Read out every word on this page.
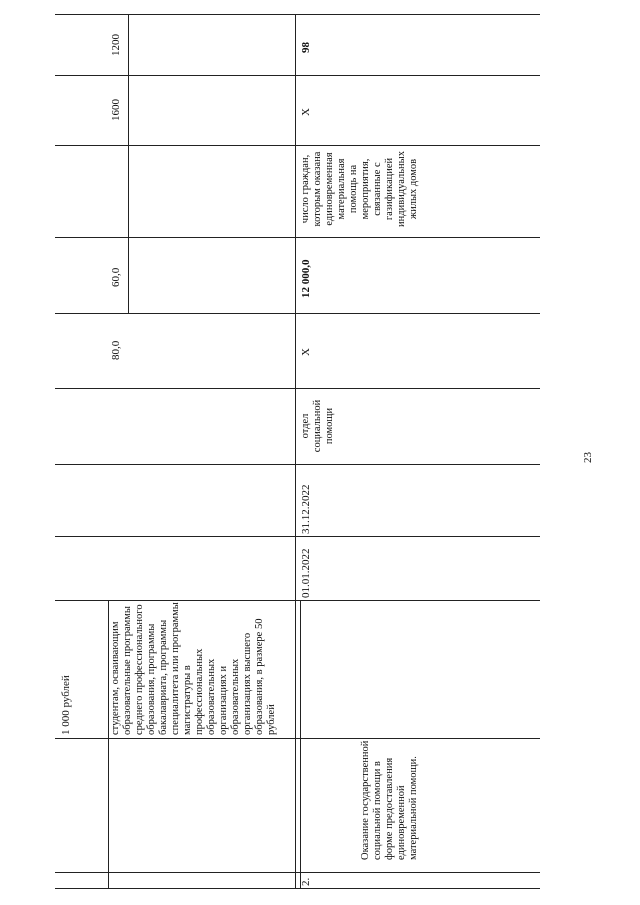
1 000 рублей	студентам, осваивающим образовательные программы среднего профессионального образования, программы бакалавриата, программы специалитета или программы магистратуры в профессиональных образовательных организациях и образовательных организациях высшего образования, в размере 50 рублей
80,0
60,0
1600
1200
2.
Оказание государственной социальной помощи в форме предоставления единовременной материальной помощи.
01.01.2022
31.12.2022
отдел социальной помощи
X
12 000,0
число граждан, которым оказана единовременная материальная помощь на мероприятия, связанные с газификацией индивидуальных жилых домов
X
98
23
